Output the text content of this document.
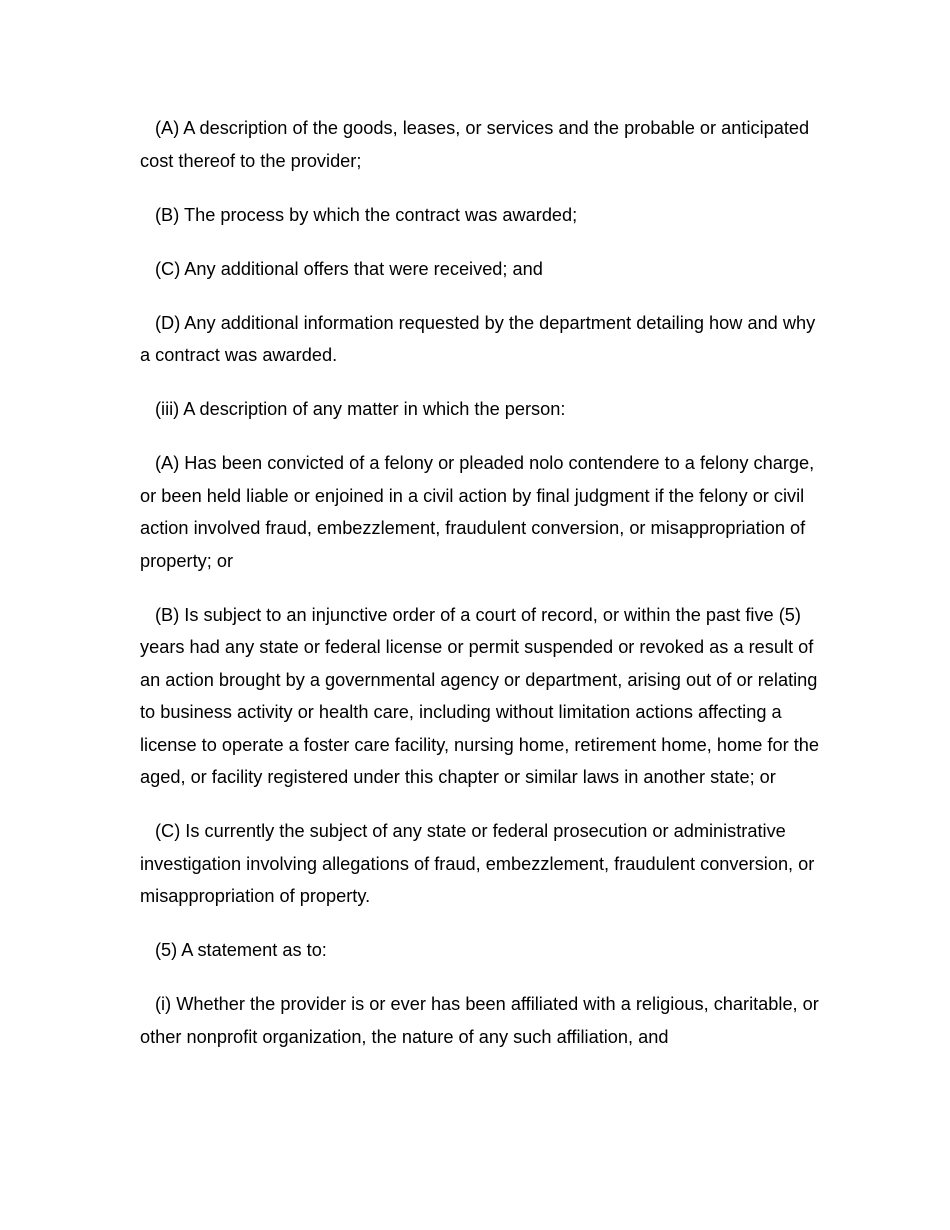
(A) A description of the goods, leases, or services and the probable or anticipated cost thereof to the provider;

(B) The process by which the contract was awarded;

(C) Any additional offers that were received; and

(D) Any additional information requested by the department detailing how and why a contract was awarded.

(iii) A description of any matter in which the person:

(A) Has been convicted of a felony or pleaded nolo contendere to a felony charge, or been held liable or enjoined in a civil action by final judgment if the felony or civil action involved fraud, embezzlement, fraudulent conversion, or misappropriation of property; or

(B) Is subject to an injunctive order of a court of record, or within the past five (5) years had any state or federal license or permit suspended or revoked as a result of an action brought by a governmental agency or department, arising out of or relating to business activity or health care, including without limitation actions affecting a license to operate a foster care facility, nursing home, retirement home, home for the aged, or facility registered under this chapter or similar laws in another state; or

(C) Is currently the subject of any state or federal prosecution or administrative investigation involving allegations of fraud, embezzlement, fraudulent conversion, or misappropriation of property.

(5) A statement as to:

(i) Whether the provider is or ever has been affiliated with a religious, charitable, or other nonprofit organization, the nature of any such affiliation, and
